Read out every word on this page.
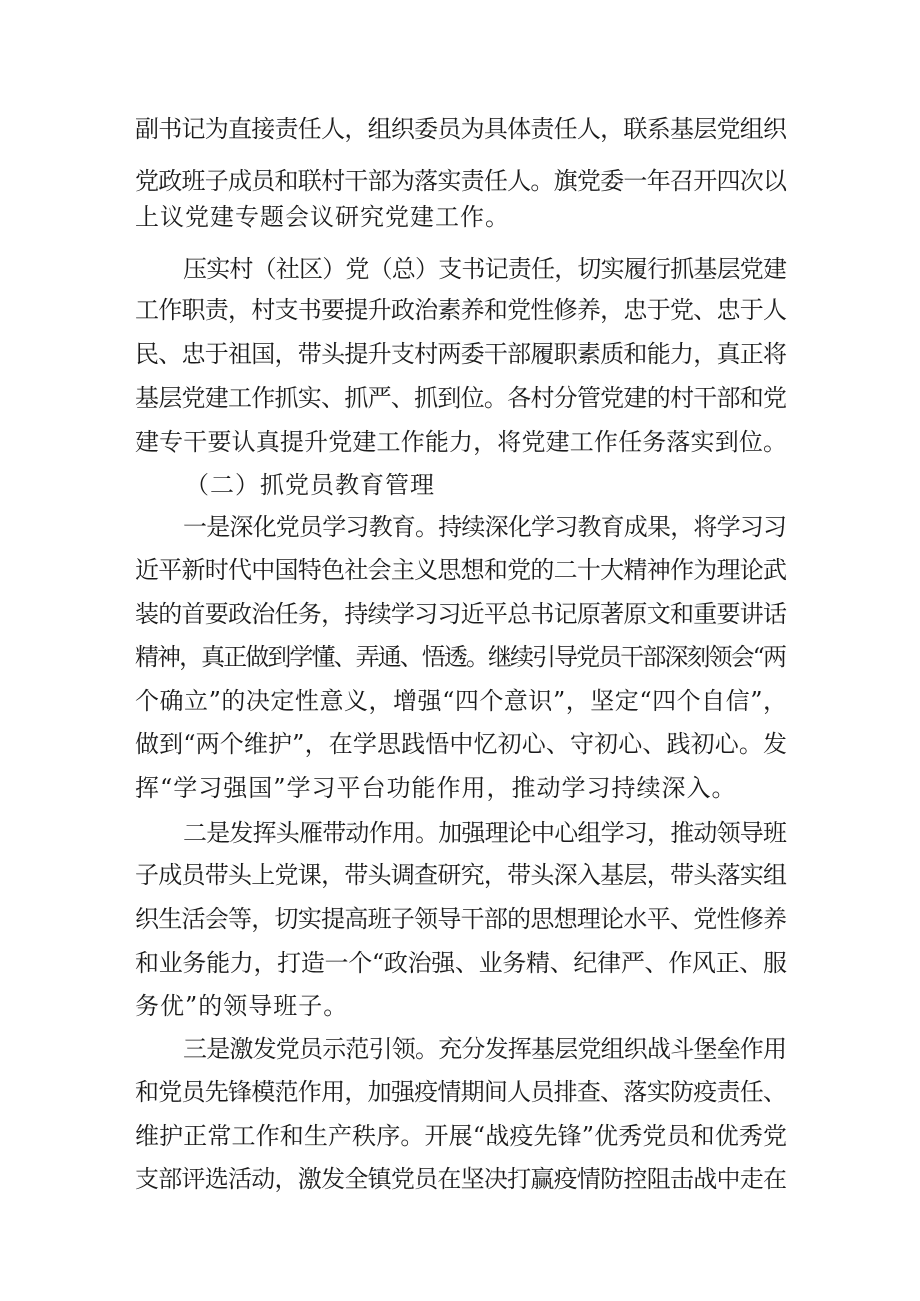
副书记为直接责任人，组织委员为具体责任人，联系基层党组织
党政班子成员和联村干部为落实责任人。旗党委一年召开四次以
上议党建专题会议研究党建工作。
压实村（社区）党（总）支书记责任，切实履行抓基层党建
工作职责，村支书要提升政治素养和党性修养，忠于党、忠于人
民、忠于祖国，带头提升支村两委干部履职素质和能力，真正将
基层党建工作抓实、抓严、抓到位。各村分管党建的村干部和党
建专干要认真提升党建工作能力，将党建工作任务落实到位。
（二）抓党员教育管理
一是深化党员学习教育。持续深化学习教育成果，将学习习
近平新时代中国特色社会主义思想和党的二十大精神作为理论武
装的首要政治任务，持续学习习近平总书记原著原文和重要讲话
精神，真正做到学懂、弄通、悟透。继续引导党员干部深刻领会“两
个确立”的决定性意义，增强“四个意识”，坚定“四个自信”，
做到“两个维护”，在学思践悟中忆初心、守初心、践初心。发
挥“学习强国”学习平台功能作用，推动学习持续深入。
二是发挥头雁带动作用。加强理论中心组学习，推动领导班
子成员带头上党课，带头调查研究，带头深入基层，带头落实组
织生活会等，切实提高班子领导干部的思想理论水平、党性修养
和业务能力，打造一个“政治强、业务精、纪律严、作风正、服
务优”的领导班子。
三是激发党员示范引领。充分发挥基层党组织战斗堡垒作用
和党员先锋模范作用，加强疫情期间人员排查、落实防疫责任、
维护正常工作和生产秩序。开展“战疫先锋”优秀党员和优秀党
支部评选活动，激发全镇党员在坚决打赢疫情防控阻击战中走在
